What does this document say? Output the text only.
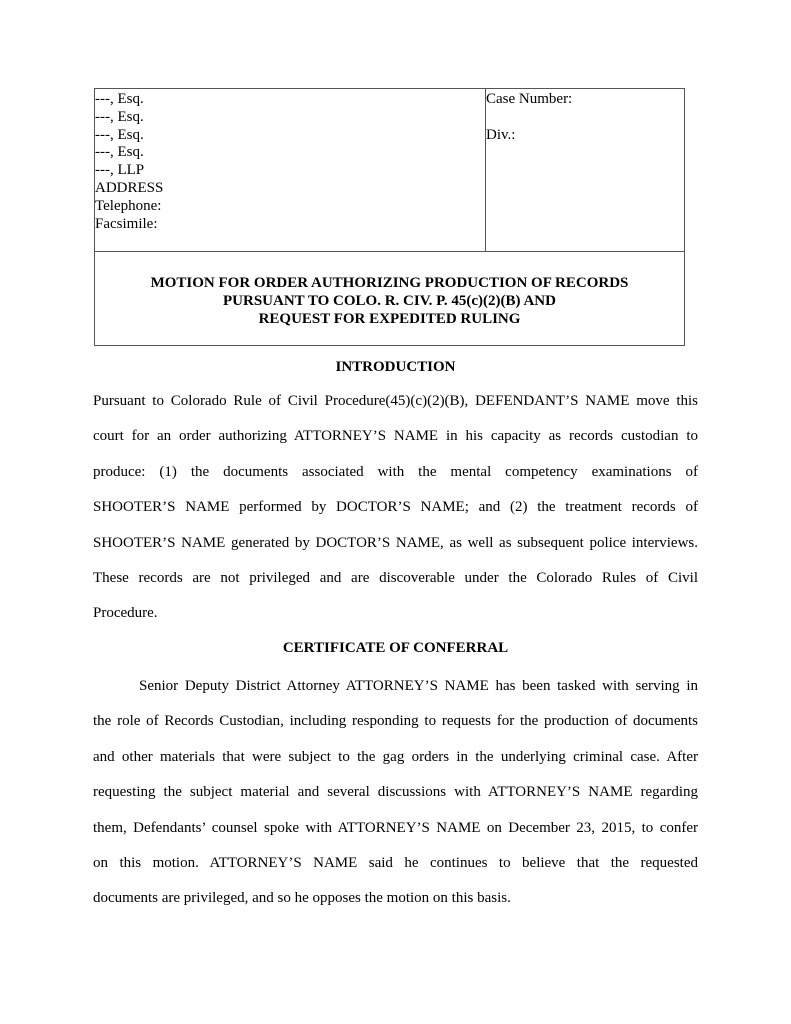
---, Esq.
---, Esq.
---, Esq.
---, Esq.
---, LLP
ADDRESS
Telephone:
Facsimile:

Case Number:
Div.:

MOTION FOR ORDER AUTHORIZING PRODUCTION OF RECORDS
PURSUANT TO COLO. R. CIV. P. 45(c)(2)(B) AND
REQUEST FOR EXPEDITED RULING
INTRODUCTION
Pursuant to Colorado Rule of Civil Procedure(45)(c)(2)(B), DEFENDANT’S NAME move this
court for an order authorizing ATTORNEY’S NAME in his capacity as records custodian to
produce: (1) the documents associated with the mental competency examinations of
SHOOTER’S NAME performed by DOCTOR’S NAME; and (2) the treatment records of
SHOOTER’S NAME generated by DOCTOR’S NAME, as well as subsequent police interviews.
These records are not privileged and are discoverable under the Colorado Rules of Civil
Procedure.
CERTIFICATE OF CONFERRAL
Senior Deputy District Attorney ATTORNEY’S NAME has been tasked with serving in
the role of Records Custodian, including responding to requests for the production of documents
and other materials that were subject to the gag orders in the underlying criminal case. After
requesting the subject material and several discussions with ATTORNEY’S NAME regarding
them, Defendants’ counsel spoke with ATTORNEY’S NAME on December 23, 2015, to confer
on this motion. ATTORNEY’S NAME said he continues to believe that the requested
documents are privileged, and so he opposes the motion on this basis.
